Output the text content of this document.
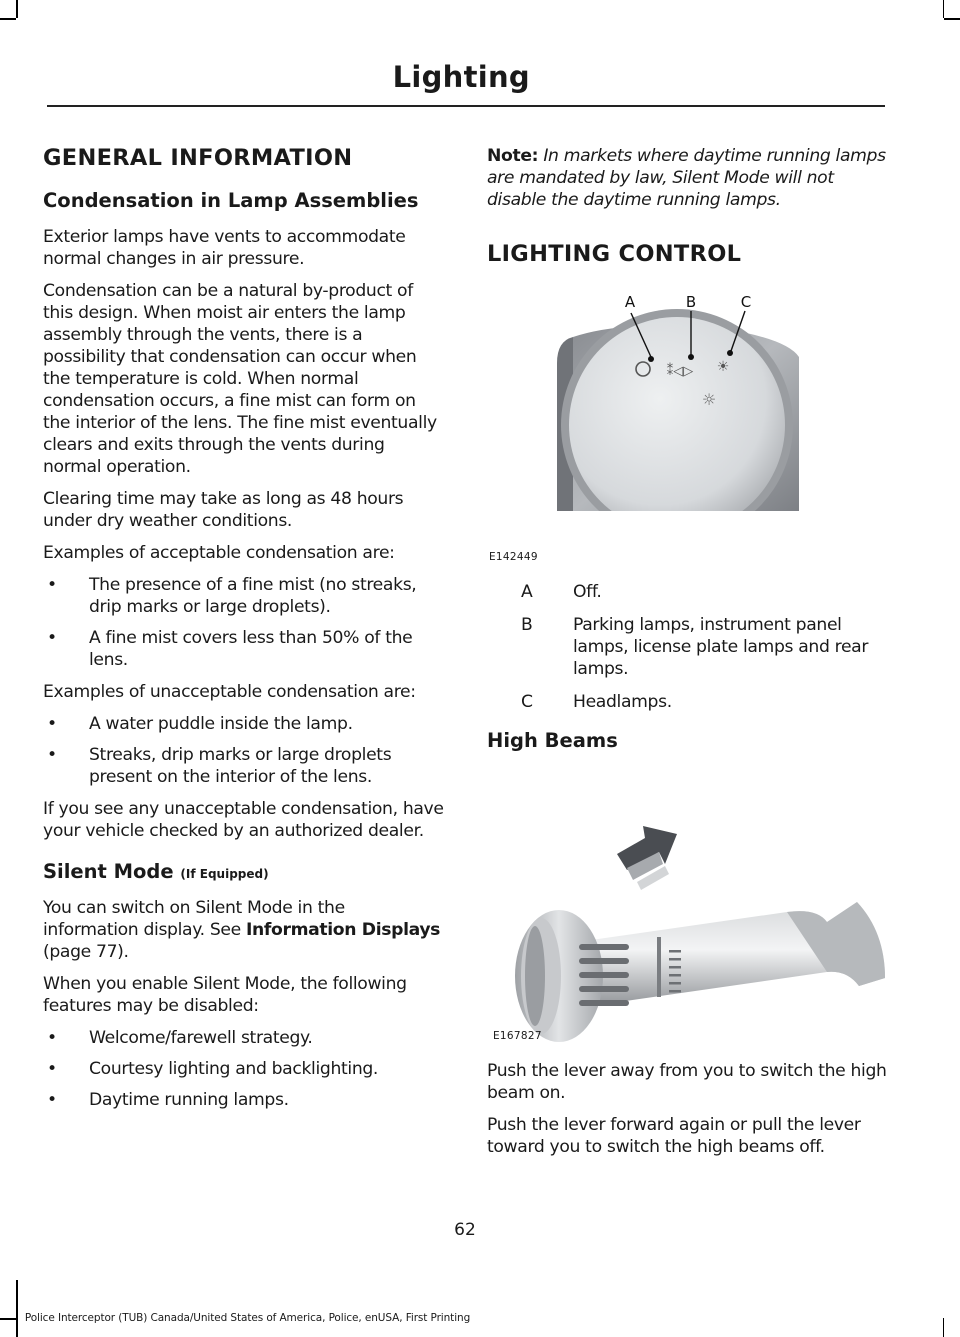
Lighting
GENERAL INFORMATION
Condensation in Lamp Assemblies

Exterior lamps have vents to accommodate normal changes in air pressure.

Condensation can be a natural by-product of this design. When moist air enters the lamp assembly through the vents, there is a possibility that condensation can occur when the temperature is cold. When normal condensation occurs, a fine mist can form on the interior of the lens. The fine mist eventually clears and exits through the vents during normal operation.

Clearing time may take as long as 48 hours under dry weather conditions.

Examples of acceptable condensation are:

• The presence of a fine mist (no streaks, drip marks or large droplets).
• A fine mist covers less than 50% of the lens.

Examples of unacceptable condensation are:

• A water puddle inside the lamp.
• Streaks, drip marks or large droplets present on the interior of the lens.

If you see any unacceptable condensation, have your vehicle checked by an authorized dealer.

Silent Mode (If Equipped)

You can switch on Silent Mode in the information display. See Information Displays (page 77).

When you enable Silent Mode, the following features may be disabled:

• Welcome/farewell strategy.
• Courtesy lighting and backlighting.
• Daytime running lamps.

Note: In markets where daytime running lamps are mandated by law, Silent Mode will not disable the daytime running lamps.

LIGHTING CONTROL
⁑◁▷ ☀
☼
A	B	C
E142449
A	Off.
B	Parking lamps, instrument panel lamps, license plate lamps and rear lamps.
C	Headlamps.
High Beams
E167827

Push the lever away from you to switch the high beam on.

Push the lever forward again or pull the lever toward you to switch the high beams off.

62
Police Interceptor (TUB) Canada/United States of America, Police, enUSA, First Printing
